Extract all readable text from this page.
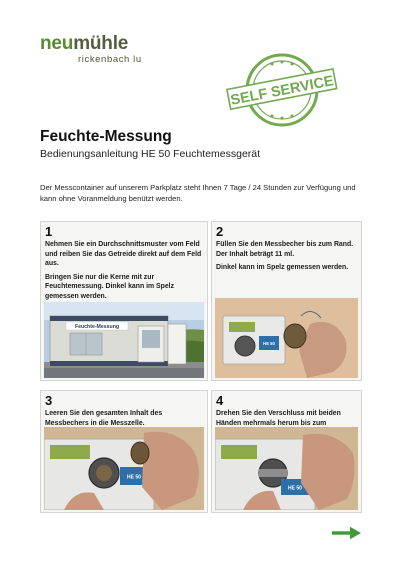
neumühle
rickenbach lu
SELF SERVICE
Feuchte-Messung
Bedienungsanleitung HE 50 Feuchtemessgerät
Der Messcontainer auf unserem Parkplatz steht Ihnen 7 Tage / 24 Stunden zur Verfügung und kann ohne Voranmeldung benützt werden.
1

Nehmen Sie ein Durchschnittsmuster vom Feld und reiben Sie das Getreide direkt auf dem Feld aus.

Bringen Sie nur die Kerne mit zur Feuchtemessung. Dinkel kann im Spelz gemessen werden.

Feuchte-Messung
2

Füllen Sie den Messbecher bis zum Rand. Der Inhalt beträgt 11 ml.

Dinkel kann im Spelz gemessen werden.

HE 50
3

Leeren Sie den gesamten Inhalt des Messbechers in die Messzelle.

HE 50
4

Drehen Sie den Verschluss mit beiden Händen mehrmals herum bis zum

HE 50
